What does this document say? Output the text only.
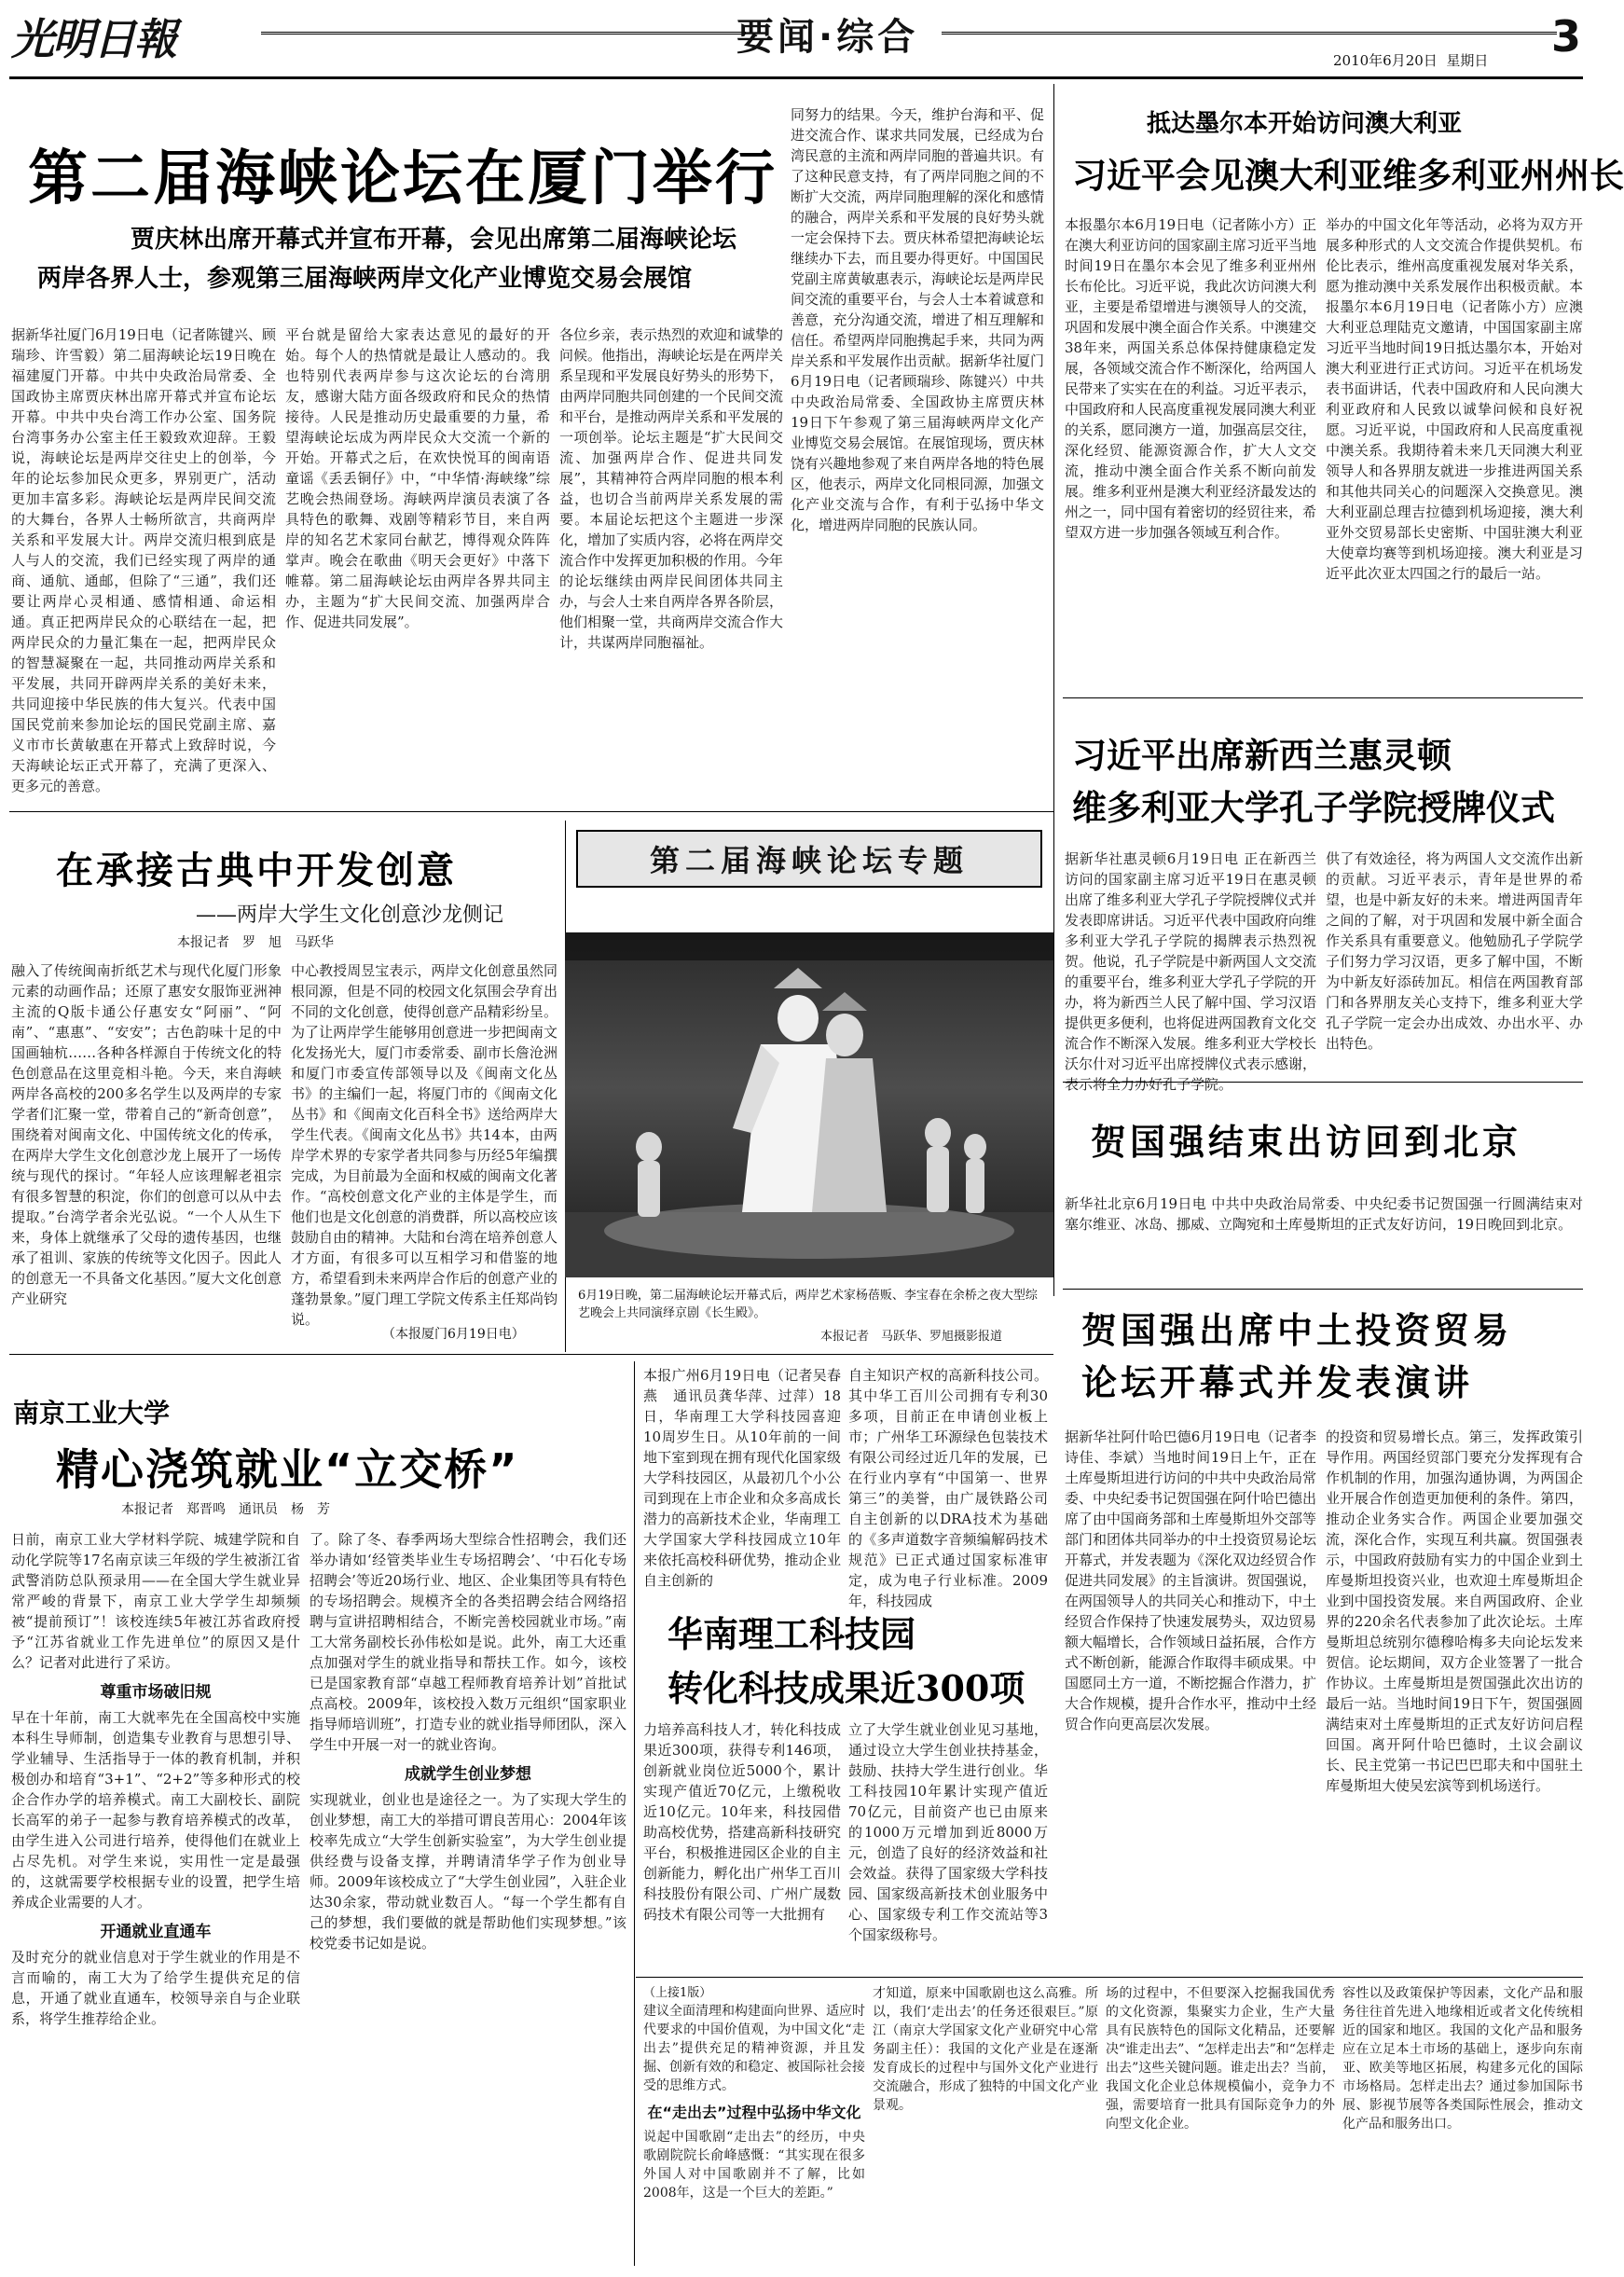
光明日報	要闻·综合
2010年6月20日 星期日 3
第二届海峡论坛在厦门举行
贾庆林出席开幕式并宣布开幕，会见出席第二届海峡论坛
两岸各界人士，参观第三届海峡两岸文化产业博览交易会展馆
据新华社厦门6月19日电（记者陈键兴、顾瑞珍、许雪毅）第二届海峡论坛19日晚在福建厦门开幕。中共中央政治局常委、全国政协主席贾庆林出席开幕式并宣布论坛开幕。中共中央台湾工作办公室、国务院台湾事务办公室主任王毅致欢迎辞。王毅说，海峡论坛是两岸交往史上的创举，今年的论坛参加民众更多，界别更广，活动更加丰富多彩。海峡论坛是两岸民间交流的大舞台，各界人士畅所欲言，共商两岸关系和平发展大计。两岸交流归根到底是人与人的交流，我们已经实现了两岸的通商、通航、通邮，但除了“三通”，我们还要让两岸心灵相通、感情相通、命运相通。真正把两岸民众的心联结在一起，把两岸民众的力量汇集在一起，把两岸民众的智慧凝聚在一起，共同推动两岸关系和平发展，共同开辟两岸关系的美好未来，共同迎接中华民族的伟大复兴。代表中国国民党前来参加论坛的国民党副主席、嘉义市市长黄敏惠在开幕式上致辞时说，今天海峡论坛正式开幕了，充满了更深入、更多元的善意。
平台就是留给大家表达意见的最好的开始。每个人的热情就是最让人感动的。我也特别代表两岸参与这次论坛的台湾朋友，感谢大陆方面各级政府和民众的热情接待。人民是推动历史最重要的力量，希望海峡论坛成为两岸民众大交流一个新的开始。开幕式之后，在欢快悦耳的闽南语童谣《丢丢铜仔》中，“中华情·海峡缘”综艺晚会热闹登场。海峡两岸演员表演了各具特色的歌舞、戏剧等精彩节目，来自两岸的知名艺术家同台献艺，博得观众阵阵掌声。晚会在歌曲《明天会更好》中落下帷幕。第二届海峡论坛由两岸各界共同主办，主题为“扩大民间交流、加强两岸合作、促进共同发展”。
各位乡亲，表示热烈的欢迎和诚挚的问候。他指出，海峡论坛是在两岸关系呈现和平发展良好势头的形势下，由两岸同胞共同创建的一个民间交流和平台，是推动两岸关系和平发展的一项创举。论坛主题是“扩大民间交流、加强两岸合作、促进共同发展”，其精神符合两岸同胞的根本利益，也切合当前两岸关系发展的需要。本届论坛把这个主题进一步深化，增加了实质内容，必将在两岸交流合作中发挥更加积极的作用。今年的论坛继续由两岸民间团体共同主办，与会人士来自两岸各界各阶层，他们相聚一堂，共商两岸交流合作大计，共谋两岸同胞福祉。
同努力的结果。今天，维护台海和平、促进交流合作、谋求共同发展，已经成为台湾民意的主流和两岸同胞的普遍共识。有了这种民意支持，有了两岸同胞之间的不断扩大交流，两岸同胞理解的深化和感情的融合，两岸关系和平发展的良好势头就一定会保持下去。贾庆林希望把海峡论坛继续办下去，而且要办得更好。中国国民党副主席黄敏惠表示，海峡论坛是两岸民间交流的重要平台，与会人士本着诚意和善意，充分沟通交流，增进了相互理解和信任。希望两岸同胞携起手来，共同为两岸关系和平发展作出贡献。据新华社厦门6月19日电（记者顾瑞珍、陈键兴）中共中央政治局常委、全国政协主席贾庆林19日下午参观了第三届海峡两岸文化产业博览交易会展馆。在展馆现场，贾庆林饶有兴趣地参观了来自两岸各地的特色展区，他表示，两岸文化同根同源，加强文化产业交流与合作，有利于弘扬中华文化，增进两岸同胞的民族认同。
抵达墨尔本开始访问澳大利亚
习近平会见澳大利亚维多利亚州州长
本报墨尔本6月19日电（记者陈小方）正在澳大利亚访问的国家副主席习近平当地时间19日在墨尔本会见了维多利亚州州长布伦比。习近平说，我此次访问澳大利亚，主要是希望增进与澳领导人的交流，巩固和发展中澳全面合作关系。中澳建交38年来，两国关系总体保持健康稳定发展，各领域交流合作不断深化，给两国人民带来了实实在在的利益。习近平表示，中国政府和人民高度重视发展同澳大利亚的关系，愿同澳方一道，加强高层交往，深化经贸、能源资源合作，扩大人文交流，推动中澳全面合作关系不断向前发展。维多利亚州是澳大利亚经济最发达的州之一，同中国有着密切的经贸往来，希望双方进一步加强各领域互利合作。
举办的中国文化年等活动，必将为双方开展多种形式的人文交流合作提供契机。布伦比表示，维州高度重视发展对华关系，愿为推动澳中关系发展作出积极贡献。本报墨尔本6月19日电（记者陈小方）应澳大利亚总理陆克文邀请，中国国家副主席习近平当地时间19日抵达墨尔本，开始对澳大利亚进行正式访问。习近平在机场发表书面讲话，代表中国政府和人民向澳大利亚政府和人民致以诚挚问候和良好祝愿。习近平说，中国政府和人民高度重视中澳关系。我期待着未来几天同澳大利亚领导人和各界朋友就进一步推进两国关系和其他共同关心的问题深入交换意见。澳大利亚副总理吉拉德到机场迎接，澳大利亚外交贸易部长史密斯、中国驻澳大利亚大使章均赛等到机场迎接。澳大利亚是习近平此次亚太四国之行的最后一站。
习近平出席新西兰惠灵顿
维多利亚大学孔子学院授牌仪式
据新华社惠灵顿6月19日电 正在新西兰访问的国家副主席习近平19日在惠灵顿出席了维多利亚大学孔子学院授牌仪式并发表即席讲话。习近平代表中国政府向维多利亚大学孔子学院的揭牌表示热烈祝贺。他说，孔子学院是中新两国人文交流的重要平台，维多利亚大学孔子学院的开办，将为新西兰人民了解中国、学习汉语提供更多便利，也将促进两国教育文化交流合作不断深入发展。维多利亚大学校长沃尔什对习近平出席授牌仪式表示感谢，表示将全力办好孔子学院。
供了有效途径，将为两国人文交流作出新的贡献。习近平表示，青年是世界的希望，也是中新友好的未来。增进两国青年之间的了解，对于巩固和发展中新全面合作关系具有重要意义。他勉励孔子学院学子们努力学习汉语，更多了解中国，不断为中新友好添砖加瓦。相信在两国教育部门和各界朋友关心支持下，维多利亚大学孔子学院一定会办出成效、办出水平、办出特色。
贺国强结束出访回到北京
新华社北京6月19日电 中共中央政治局常委、中央纪委书记贺国强一行圆满结束对塞尔维亚、冰岛、挪威、立陶宛和土库曼斯坦的正式友好访问，19日晚回到北京。
在承接古典中开发创意
——两岸大学生文化创意沙龙侧记
本报记者　罗　旭　马跃华
融入了传统闽南折纸艺术与现代化厦门形象元素的动画作品；还原了惠安女服饰亚洲神主流的Q版卡通公仔惠安女“阿丽”、“阿南”、“惠惠”、“安安”；古色韵味十足的中国画轴杭……各种各样源自于传统文化的特色创意品在这里竞相斗艳。今天，来自海峡两岸各高校的200多名学生以及两岸的专家学者们汇聚一堂，带着自己的“新奇创意”，围绕着对闽南文化、中国传统文化的传承，在两岸大学生文化创意沙龙上展开了一场传统与现代的探讨。“年轻人应该理解老祖宗有很多智慧的积淀，你们的创意可以从中去提取。”台湾学者余光弘说。“一个人从生下来，身体上就继承了父母的遗传基因，也继承了祖训、家族的传统等文化因子。因此人的创意无一不具备文化基因。”厦大文化创意产业研究
中心教授周昱宝表示，两岸文化创意虽然同根同源，但是不同的校园文化氛围会孕育出不同的文化创意，使得创意产品精彩纷呈。为了让两岸学生能够用创意进一步把闽南文化发扬光大，厦门市委常委、副市长詹沧洲和厦门市委宣传部领导以及《闽南文化丛书》的主编们一起，将厦门市的《闽南文化丛书》和《闽南文化百科全书》送给两岸大学生代表。《闽南文化丛书》共14本，由两岸学术界的专家学者共同参与历经5年编撰完成，为目前最为全面和权威的闽南文化著作。“高校创意文化产业的主体是学生，而他们也是文化创意的消费群，所以高校应该鼓励自由的精神。大陆和台湾在培养创意人才方面，有很多可以互相学习和借鉴的地方，希望看到未来两岸合作后的创意产业的蓬勃景象。”厦门理工学院文传系主任郑尚钧说。
（本报厦门6月19日电）
第二届海峡论坛专题
6月19日晚，第二届海峡论坛开幕式后，两岸艺术家杨蓓贩、李宝春在余桥之夜大型综艺晚会上共同演绎京剧《长生殿》。
本报记者　马跃华、罗旭摄影报道 贺国强出席中土投资贸易
论坛开幕式并发表演讲
据新华社阿什哈巴德6月19日电（记者李诗佳、李斌）当地时间19日上午，正在土库曼斯坦进行访问的中共中央政治局常委、中央纪委书记贺国强在阿什哈巴德出席了由中国商务部和土库曼斯坦外交部等部门和团体共同举办的中土投资贸易论坛开幕式，并发表题为《深化双边经贸合作 促进共同发展》的主旨演讲。贺国强说，在两国领导人的共同关心和推动下，中土经贸合作保持了快速发展势头，双边贸易额大幅增长，合作领域日益拓展，合作方式不断创新，能源合作取得丰硕成果。中国愿同土方一道，不断挖掘合作潜力，扩大合作规模，提升合作水平，推动中土经贸合作向更高层次发展。
的投资和贸易增长点。第三，发挥政策引导作用。两国经贸部门要充分发挥现有合作机制的作用，加强沟通协调，为两国企业开展合作创造更加便利的条件。第四，推动企业务实合作。两国企业要加强交流，深化合作，实现互利共赢。贺国强表示，中国政府鼓励有实力的中国企业到土库曼斯坦投资兴业，也欢迎土库曼斯坦企业到中国投资发展。来自两国政府、企业界的220余名代表参加了此次论坛。土库曼斯坦总统别尔德穆哈梅多夫向论坛发来贺信。论坛期间，双方企业签署了一批合作协议。土库曼斯坦是贺国强此次出访的最后一站。当地时间19日下午，贺国强圆满结束对土库曼斯坦的正式友好访问启程回国。离开阿什哈巴德时，土议会副议长、民主党第一书记巴巴耶夫和中国驻土库曼斯坦大使吴宏滨等到机场送行。
南京工业大学
精心浇筑就业“立交桥”
本报记者　郑晋鸣　通讯员　杨　芳
日前，南京工业大学材料学院、城建学院和自动化学院等17名南京读三年级的学生被浙江省武警消防总队预录用——在全国大学生就业异常严峻的背景下，南京工业大学学生却频频被“提前预订”！该校连续5年被江苏省政府授予“江苏省就业工作先进单位”的原因又是什么？记者对此进行了采访。
尊重市场破旧规
早在十年前，南工大就率先在全国高校中实施本科生导师制，创造集专业教育与思想引导、学业辅导、生活指导于一体的教育机制，并积极创办和培育“3+1”、“2+2”等多种形式的校企合作办学的培养模式。南工大副校长、副院长高军的弟子一起参与教育培养模式的改革，由学生进入公司进行培养，使得他们在就业上占尽先机。对学生来说，实用性一定是最强的，这就需要学校根据专业的设置，把学生培养成企业需要的人才。
开通就业直通车
及时充分的就业信息对于学生就业的作用是不言而喻的，南工大为了给学生提供充足的信息，开通了就业直通车，校领导亲自与企业联系，将学生推荐给企业。
了。除了冬、春季两场大型综合性招聘会，我们还举办请如‘经管类毕业生专场招聘会’、‘中石化专场招聘会’等近20场行业、地区、企业集团等具有特色的专场招聘会。规模齐全的各类招聘会结合网络招聘与宣讲招聘相结合，不断完善校园就业市场。”南工大常务副校长孙伟松如是说。此外，南工大还重点加强对学生的就业指导和帮扶工作。如今，该校已是国家教育部“卓越工程师教育培养计划”首批试点高校。2009年，该校投入数万元组织“国家职业指导师培训班”，打造专业的就业指导师团队，深入学生中开展一对一的就业咨询。
成就学生创业梦想
实现就业，创业也是途径之一。为了实现大学生的创业梦想，南工大的举措可谓良苦用心：2004年该校率先成立“大学生创新实验室”，为大学生创业提供经费与设备支撑，并聘请清华学子作为创业导师。2009年该校成立了“大学生创业园”，入驻企业达30余家，带动就业数百人。“每一个学生都有自己的梦想，我们要做的就是帮助他们实现梦想。”该校党委书记如是说。
本报广州6月19日电（记者吴春燕　通讯员龚华萍、过萍）18日，华南理工大学科技园喜迎10周岁生日。从10年前的一间地下室到现在拥有现代化国家级大学科技园区，从最初几个小公司到现在上市企业和众多高成长潜力的高新技术企业，华南理工大学国家大学科技园成立10年来依托高校科研优势，推动企业自主创新的
自主知识产权的高新科技公司。其中华工百川公司拥有专利30多项，目前正在申请创业板上市；广州华工环源绿色包装技术有限公司经过近几年的发展，已在行业内享有“中国第一、世界第三”的美誉，由广晟铁路公司自主创新的以DRA技术为基础的《多声道数字音频编解码技术规范》已正式通过国家标准审定，成为电子行业标准。2009年，科技园成
华南理工科技园
转化科技成果近300项
力培养高科技人才，转化科技成果近300项，获得专利146项，创新就业岗位近5000个，累计实现产值近70亿元，上缴税收近10亿元。10年来，科技园借助高校优势，搭建高新科技研究平台，积极推进园区企业的自主创新能力，孵化出广州华工百川科技股份有限公司、广州广晟数码技术有限公司等一大批拥有
立了大学生就业创业见习基地，通过设立大学生创业扶持基金，鼓励、扶持大学生进行创业。华工科技园10年累计实现产值近70亿元，目前资产也已由原来的1000万元增加到近8000万元，创造了良好的经济效益和社会效益。获得了国家级大学科技园、国家级高新技术创业服务中心、国家级专利工作交流站等3个国家级称号。
（上接1版）
建议全面清理和构建面向世界、适应时代要求的中国价值观，为中国文化“走出去”提供充足的精神资源，并且发掘、创新有效的和稳定、被国际社会接受的思维方式。
在“走出去”过程中弘扬中华文化
说起中国歌剧“走出去”的经历，中央歌剧院院长俞峰感慨：“其实现在很多外国人对中国歌剧并不了解，比如2008年，这是一个巨大的差距。”
才知道，原来中国歌剧也这么高雅。所以，我们‘走出去’的任务还很艰巨。”原江（南京大学国家文化产业研究中心常务副主任）：我国的文化产业是在逐渐发育成长的过程中与国外文化产业进行交流融合，形成了独特的中国文化产业景观。
场的过程中，不但要深入挖掘我国优秀的文化资源，集聚实力企业，生产大量具有民族特色的国际文化精品，还要解决“谁走出去”、“怎样走出去”和“怎样走出去”这些关键问题。谁走出去？当前，我国文化企业总体规模偏小，竞争力不强，需要培育一批具有国际竞争力的外向型文化企业。
容性以及政策保护等因素，文化产品和服务往往首先进入地缘相近或者文化传统相近的国家和地区。我国的文化产品和服务应在立足本土市场的基础上，逐步向东南亚、欧美等地区拓展，构建多元化的国际市场格局。怎样走出去？通过参加国际书展、影视节展等各类国际性展会，推动文化产品和服务出口。
